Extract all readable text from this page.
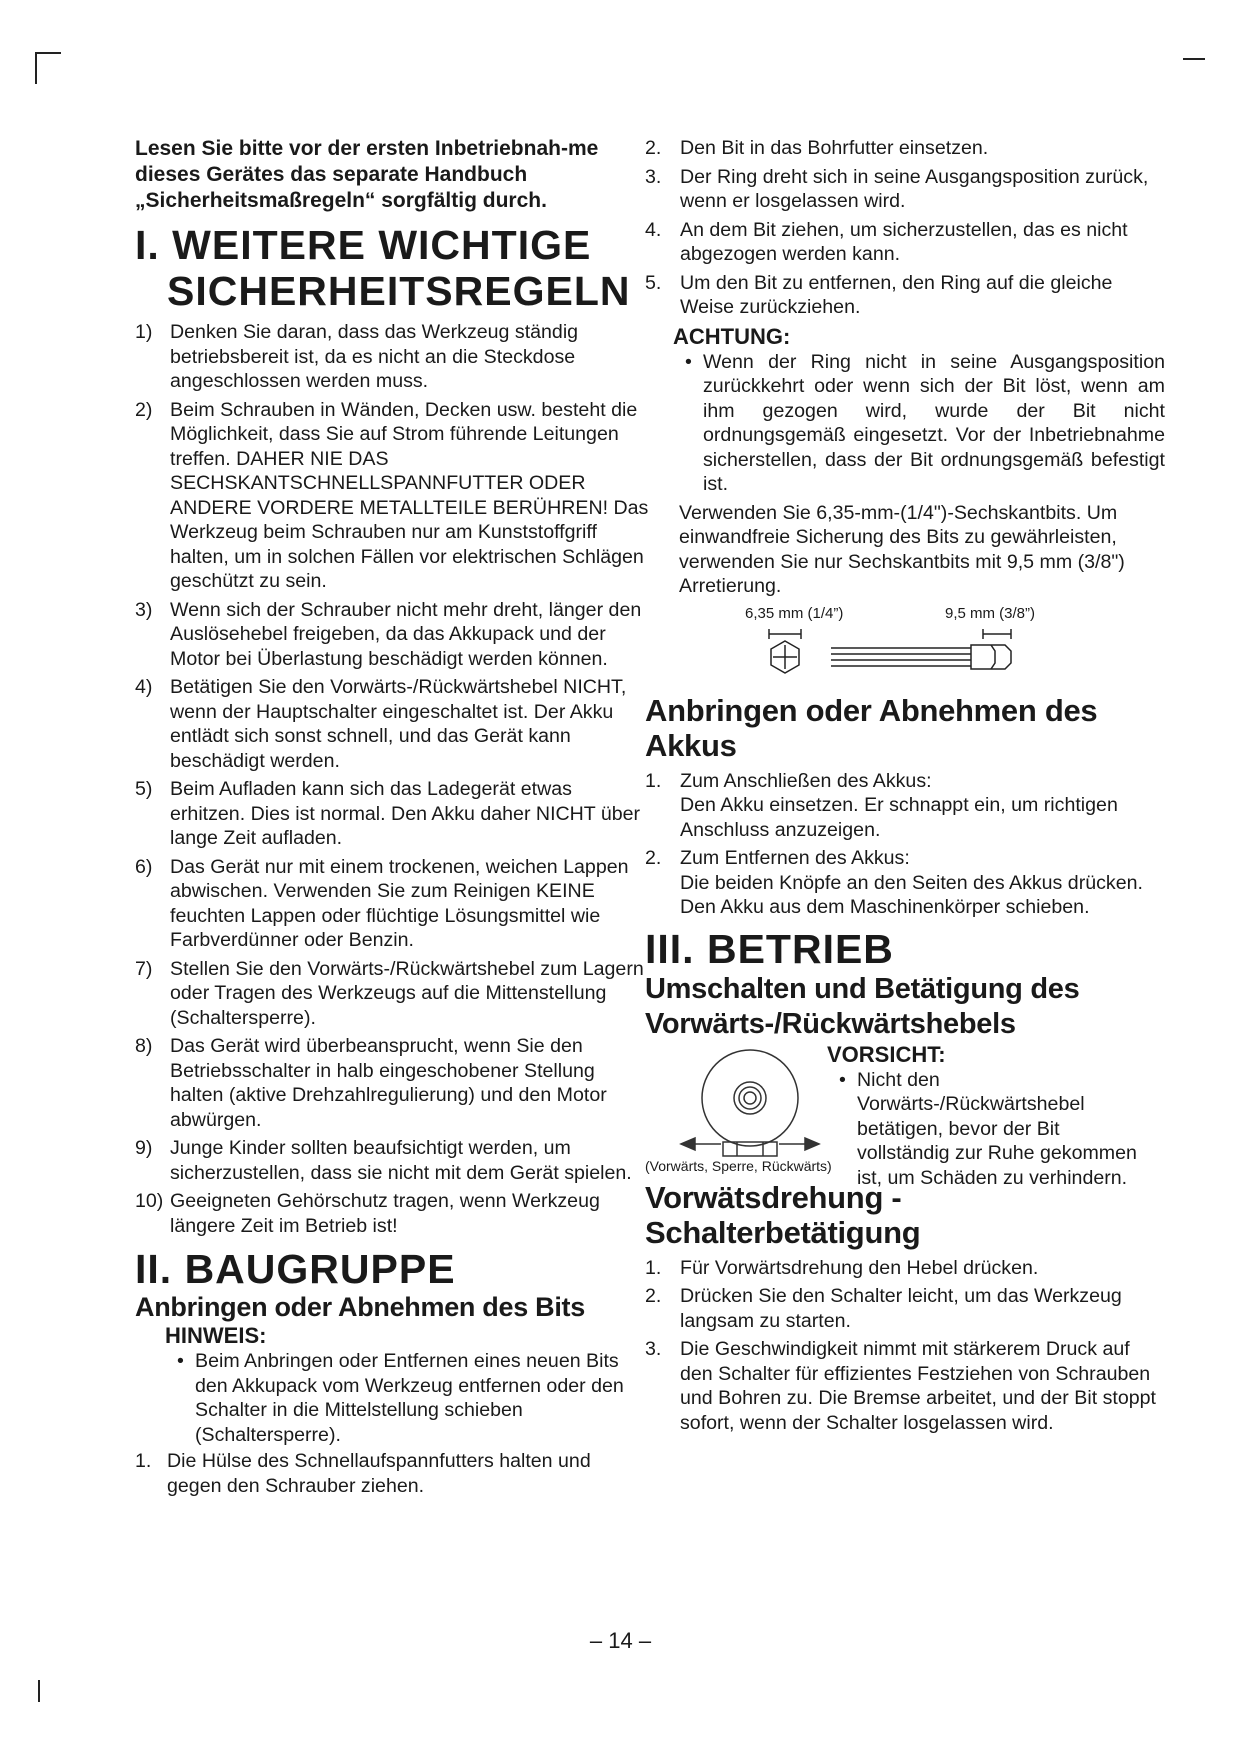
Lesen Sie bitte vor der ersten Inbetriebnah-me dieses Gerätes das separate Handbuch „Sicherheitsmaßregeln“ sorgfältig durch.

I. WEITERE WICHTIGE
SICHERHEITSREGELN
1) Denken Sie daran, dass das Werkzeug ständig betriebsbereit ist, da es nicht an die Steckdose angeschlossen werden muss.
2) Beim Schrauben in Wänden, Decken usw. besteht die Möglichkeit, dass Sie auf Strom führende Leitungen treffen. DAHER NIE DAS SECHSKANTSCHNELLSPANNFUTTER ODER ANDERE VORDERE METALLTEILE BERÜHREN! Das Werkzeug beim Schrauben nur am Kunststoffgriff halten, um in solchen Fällen vor elektrischen Schlägen geschützt zu sein.
3) Wenn sich der Schrauber nicht mehr dreht, länger den Auslösehebel freigeben, da das Akkupack und der Motor bei Überlastung beschädigt werden können.
4) Betätigen Sie den Vorwärts-/Rückwärtshebel NICHT, wenn der Hauptschalter eingeschaltet ist. Der Akku entlädt sich sonst schnell, und das Gerät kann beschädigt werden.
5) Beim Aufladen kann sich das Ladegerät etwas erhitzen. Dies ist normal. Den Akku daher NICHT über lange Zeit aufladen.
6) Das Gerät nur mit einem trockenen, weichen Lappen abwischen. Verwenden Sie zum Reinigen KEINE feuchten Lappen oder flüchtige Lösungsmittel wie Farbverdünner oder Benzin.
7) Stellen Sie den Vorwärts-/Rückwärtshebel zum Lagern oder Tragen des Werkzeugs auf die Mittenstellung (Schaltersperre).
8) Das Gerät wird überbeansprucht, wenn Sie den Betriebsschalter in halb eingeschobener Stellung halten (aktive Drehzahlregulierung) und den Motor abwürgen.
9) Junge Kinder sollten beaufsichtigt werden, um sicherzustellen, dass sie nicht mit dem Gerät spielen.
10) Geeigneten Gehörschutz tragen, wenn Werkzeug längere Zeit im Betrieb ist!
II. BAUGRUPPE
Anbringen oder Abnehmen des Bits

HINWEIS:

• Beim Anbringen oder Entfernen eines neuen Bits den Akkupack vom Werkzeug entfernen oder den Schalter in die Mittelstellung schieben (Schaltersperre).
1. Die Hülse des Schnellaufspannfutters halten und gegen den Schrauber ziehen.
2. Den Bit in das Bohrfutter einsetzen.
3. Der Ring dreht sich in seine Ausgangsposition zurück, wenn er losgelassen wird.
4. An dem Bit ziehen, um sicherzustellen, das es nicht abgezogen werden kann.
5. Um den Bit zu entfernen, den Ring auf die gleiche Weise zurückziehen.

ACHTUNG:

• Wenn der Ring nicht in seine Ausgangsposition zurückkehrt oder wenn sich der Bit löst, wenn am ihm gezogen wird, wurde der Bit nicht ordnungsgemäß eingesetzt. Vor der Inbetriebnahme sicherstellen, dass der Bit ordnungsgemäß befestigt ist.

Verwenden Sie 6,35-mm-(1/4")-Sechskantbits. Um einwandfreie Sicherung des Bits zu gewährleisten, verwenden Sie nur Sechskantbits mit 9,5 mm (3/8") Arretierung.

6,35 mm (1/4”)	9,5 mm (3/8”)
Anbringen oder Abnehmen des Akkus
1. Zum Anschließen des Akkus:
Den Akku einsetzen. Er schnappt ein, um richtigen Anschluss anzuzeigen.
2. Zum Entfernen des Akkus:
Die beiden Knöpfe an den Seiten des Akkus drücken. Den Akku aus dem Maschinenkörper schieben.
III. BETRIEB
Umschalten und Betätigung des Vorwärts-/Rückwärtshebels
(Vorwärts, Sperre, Rückwärts)

VORSICHT:

• Nicht den Vorwärts-/Rückwärtshebel betätigen, bevor der Bit vollständig zur Ruhe gekommen ist, um Schäden zu verhindern.
Vorwätsdrehung - Schalterbetätigung
1. Für Vorwärtsdrehung den Hebel drücken.
2. Drücken Sie den Schalter leicht, um das Werkzeug langsam zu starten.
3. Die Geschwindigkeit nimmt mit stärkerem Druck auf den Schalter für effizientes Festziehen von Schrauben und Bohren zu. Die Bremse arbeitet, und der Bit stoppt sofort, wenn der Schalter losgelassen wird.
– 14 –
